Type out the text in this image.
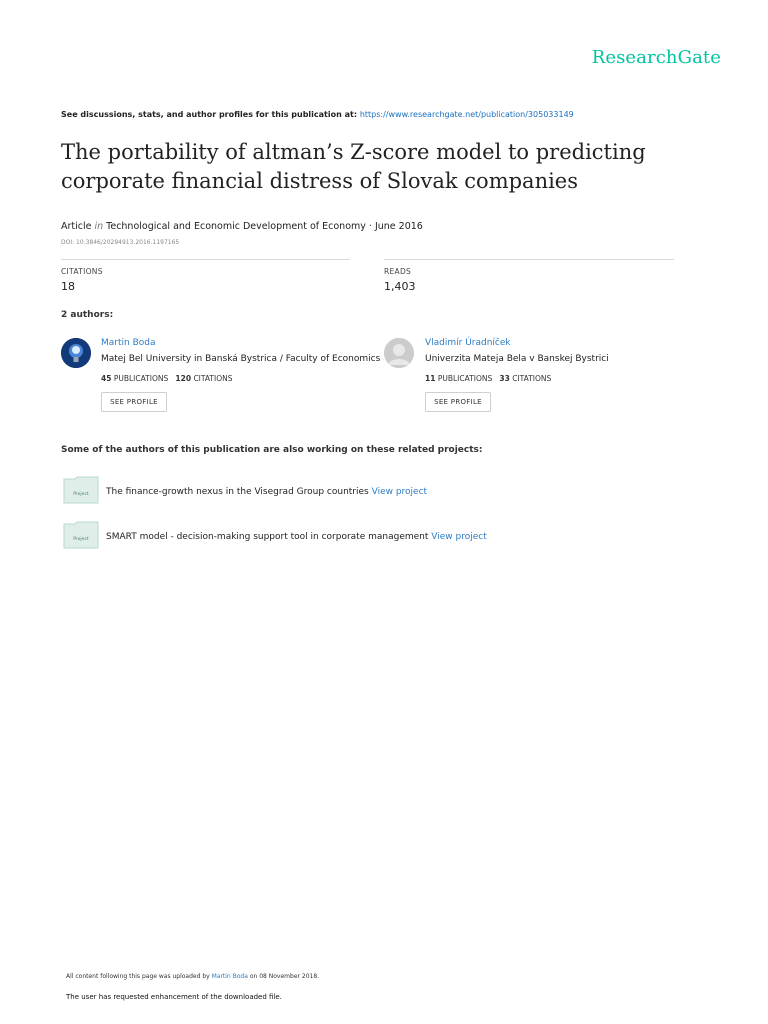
ResearchGate
See discussions, stats, and author profiles for this publication at: https://www.researchgate.net/publication/305033149
The portability of altman’s Z-score model to predicting corporate financial distress of Slovak companies
Article in Technological and Economic Development of Economy · June 2016
DOI: 10.3846/20294913.2016.1197165
CITATIONS
18
READS
1,403
2 authors:
Martin Boda
Matej Bel University in Banská Bystrica / Faculty of Economics
45 PUBLICATIONS 120 CITATIONS
SEE PROFILE
Vladimír Úradníček
Univerzita Mateja Bela v Banskej Bystrici
11 PUBLICATIONS 33 CITATIONS
SEE PROFILE
Some of the authors of this publication are also working on these related projects:
Project The finance-growth nexus in the Visegrad Group countries View project
Project SMART model - decision-making support tool in corporate management View project
All content following this page was uploaded by Martin Boda on 08 November 2018.
The user has requested enhancement of the downloaded file.
